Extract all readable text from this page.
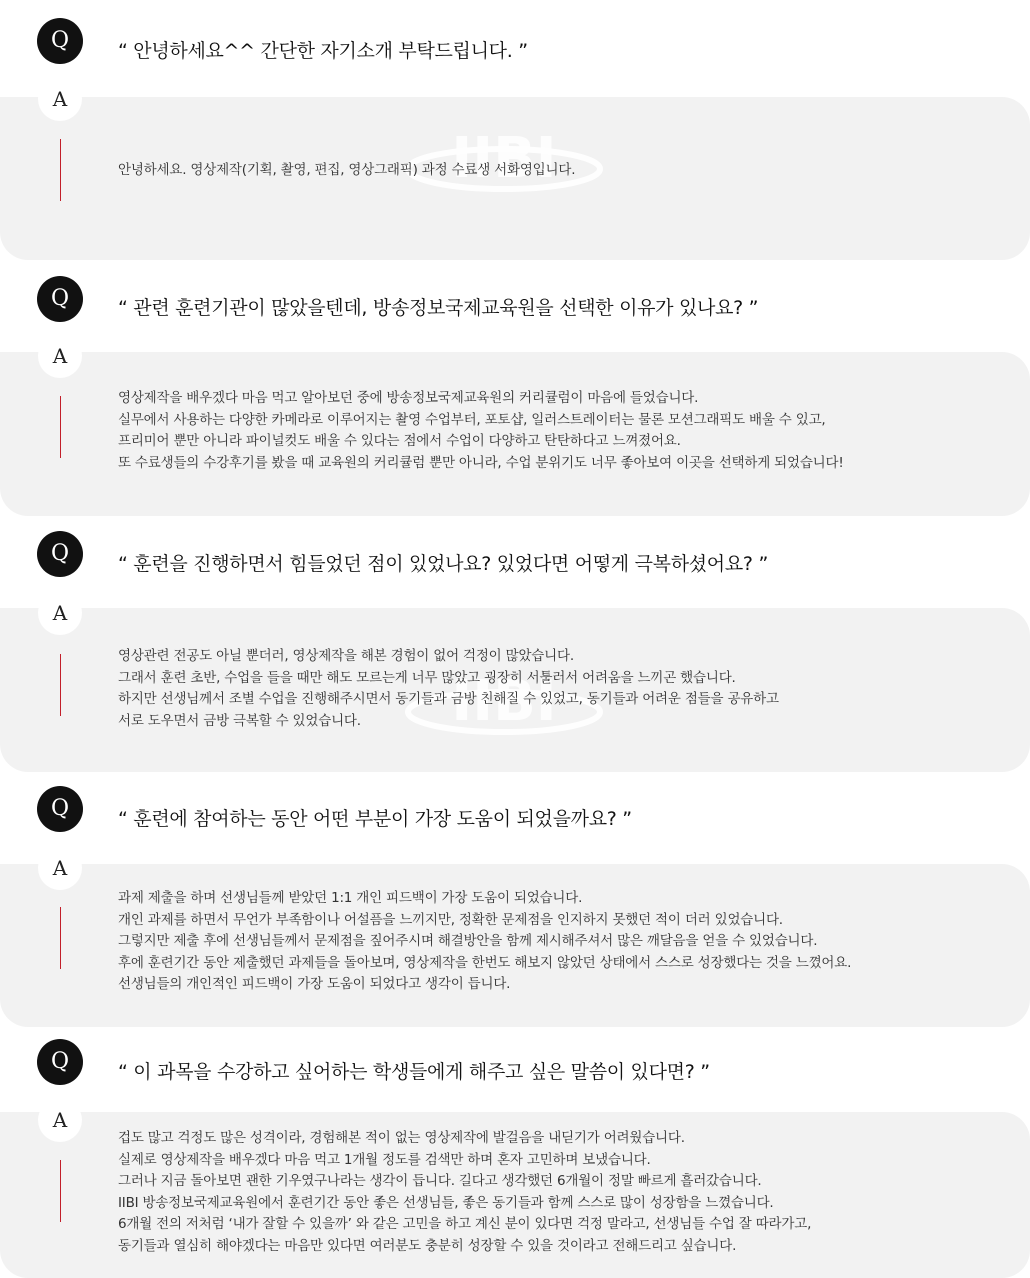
Q	“ 안녕하세요^^ 간단한 자기소개 부탁드립니다. ”
IIBI

안녕하세요. 영상제작(기획, 촬영, 편집, 영상그래픽) 과정 수료생 서화영입니다.

A
Q	“ 관련 훈련기관이 많았을텐데, 방송정보국제교육원을 선택한 이유가 있나요? ”

영상제작을 배우겠다 마음 먹고 알아보던 중에 방송정보국제교육원의 커리큘럼이 마음에 들었습니다.

실무에서 사용하는 다양한 카메라로 이루어지는 촬영 수업부터, 포토샵, 일러스트레이터는 물론 모션그래픽도 배울 수 있고,

프리미어 뿐만 아니라 파이널컷도 배울 수 있다는 점에서 수업이 다양하고 탄탄하다고 느껴졌어요.

또 수료생들의 수강후기를 봤을 때 교육원의 커리큘럼 뿐만 아니라, 수업 분위기도 너무 좋아보여 이곳을 선택하게 되었습니다!

A
Q	“ 훈련을 진행하면서 힘들었던 점이 있었나요? 있었다면 어떻게 극복하셨어요? ”
IIBI

영상관련 전공도 아닐 뿐더러, 영상제작을 해본 경험이 없어 걱정이 많았습니다.

그래서 훈련 초반, 수업을 들을 때만 해도 모르는게 너무 많았고 굉장히 서툴러서 어려움을 느끼곤 했습니다.

하지만 선생님께서 조별 수업을 진행해주시면서 동기들과 금방 친해질 수 있었고, 동기들과 어려운 점들을 공유하고

서로 도우면서 금방 극복할 수 있었습니다.

A
Q	“ 훈련에 참여하는 동안 어떤 부분이 가장 도움이 되었을까요? ”

과제 제출을 하며 선생님들께 받았던 1:1 개인 피드백이 가장 도움이 되었습니다.

개인 과제를 하면서 무언가 부족함이나 어설픔을 느끼지만, 정확한 문제점을 인지하지 못했던 적이 더러 있었습니다.

그렇지만 제출 후에 선생님들께서 문제점을 짚어주시며 해결방안을 함께 제시해주셔서 많은 깨달음을 얻을 수 있었습니다.

후에 훈련기간 동안 제출했던 과제들을 돌아보며, 영상제작을 한번도 해보지 않았던 상태에서 스스로 성장했다는 것을 느꼈어요.

선생님들의 개인적인 피드백이 가장 도움이 되었다고 생각이 듭니다.

A
Q	“ 이 과목을 수강하고 싶어하는 학생들에게 해주고 싶은 말씀이 있다면? ”

겁도 많고 걱정도 많은 성격이라, 경험해본 적이 없는 영상제작에 발걸음을 내딛기가 어려웠습니다.

실제로 영상제작을 배우겠다 마음 먹고 1개월 정도를 검색만 하며 혼자 고민하며 보냈습니다.

그러나 지금 돌아보면 괜한 기우였구나라는 생각이 듭니다. 길다고 생각했던 6개월이 정말 빠르게 흘러갔습니다.

IIBI 방송정보국제교육원에서 훈련기간 동안 좋은 선생님들, 좋은 동기들과 함께 스스로 많이 성장함을 느꼈습니다.

6개월 전의 저처럼 ‘내가 잘할 수 있을까’ 와 같은 고민을 하고 계신 분이 있다면 걱정 말라고, 선생님들 수업 잘 따라가고,

동기들과 열심히 해야겠다는 마음만 있다면 여러분도 충분히 성장할 수 있을 것이라고 전해드리고 싶습니다.

A
